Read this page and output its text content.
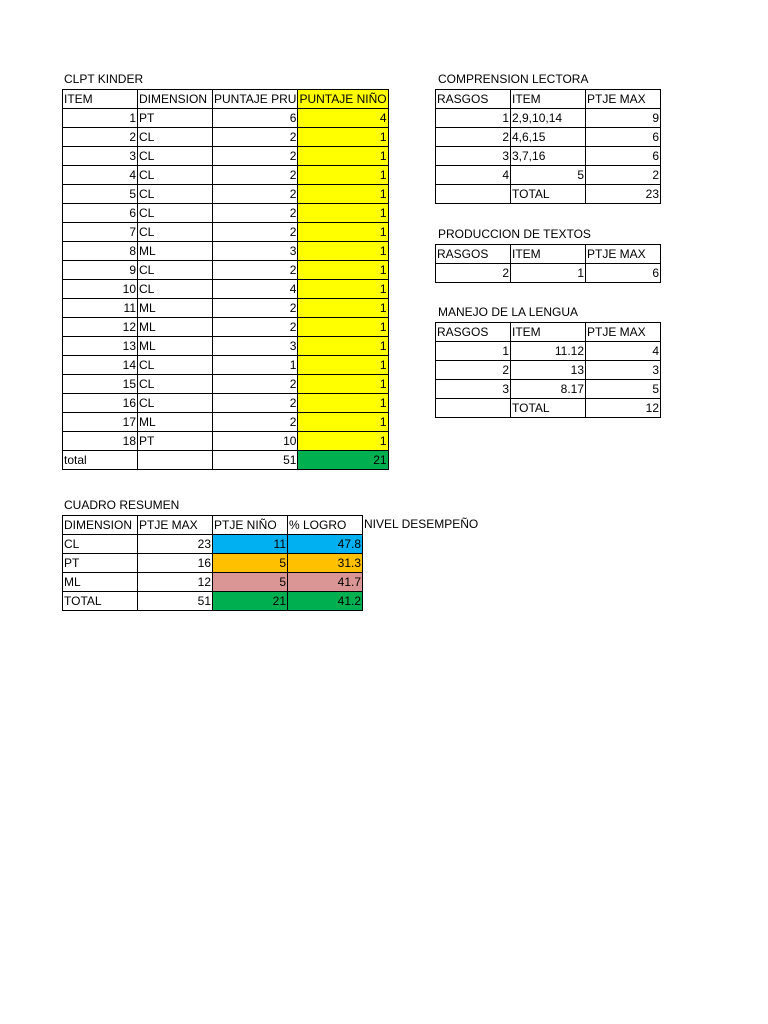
CLPT KINDER
ITEM	DIMENSION	PUNTAJE PRU	PUNTAJE NIÑO
1	PT	6	4
2	CL	2	1
3	CL	2	1
4	CL	2	1
5	CL	2	1
6	CL	2	1
7	CL	2	1
8	ML	3	1
9	CL	2	1
10	CL	4	1
11	ML	2	1
12	ML	2	1
13	ML	3	1
14	CL	1	1
15	CL	2	1
16	CL	2	1
17	ML	2	1
18	PT	10	1
total		51	21
COMPRENSION LECTORA
RASGOS	ITEM	PTJE MAX
1	2,9,10,14	9
2	4,6,15	6
3	3,7,16	6
4	5	2
	TOTAL	23
PRODUCCION DE TEXTOS
RASGOS	ITEM	PTJE MAX
2	1	6
MANEJO DE LA LENGUA
RASGOS	ITEM	PTJE MAX
1	11.12	4
2	13	3
3	8.17	5
	TOTAL	12
CUADRO RESUMEN
DIMENSION	PTJE MAX	PTJE NIÑO	% LOGRO
CL	23	11	47.8
PT	16	5	31.3
ML	12	5	41.7
TOTAL	51	21	41.2
NIVEL DESEMPEÑO
